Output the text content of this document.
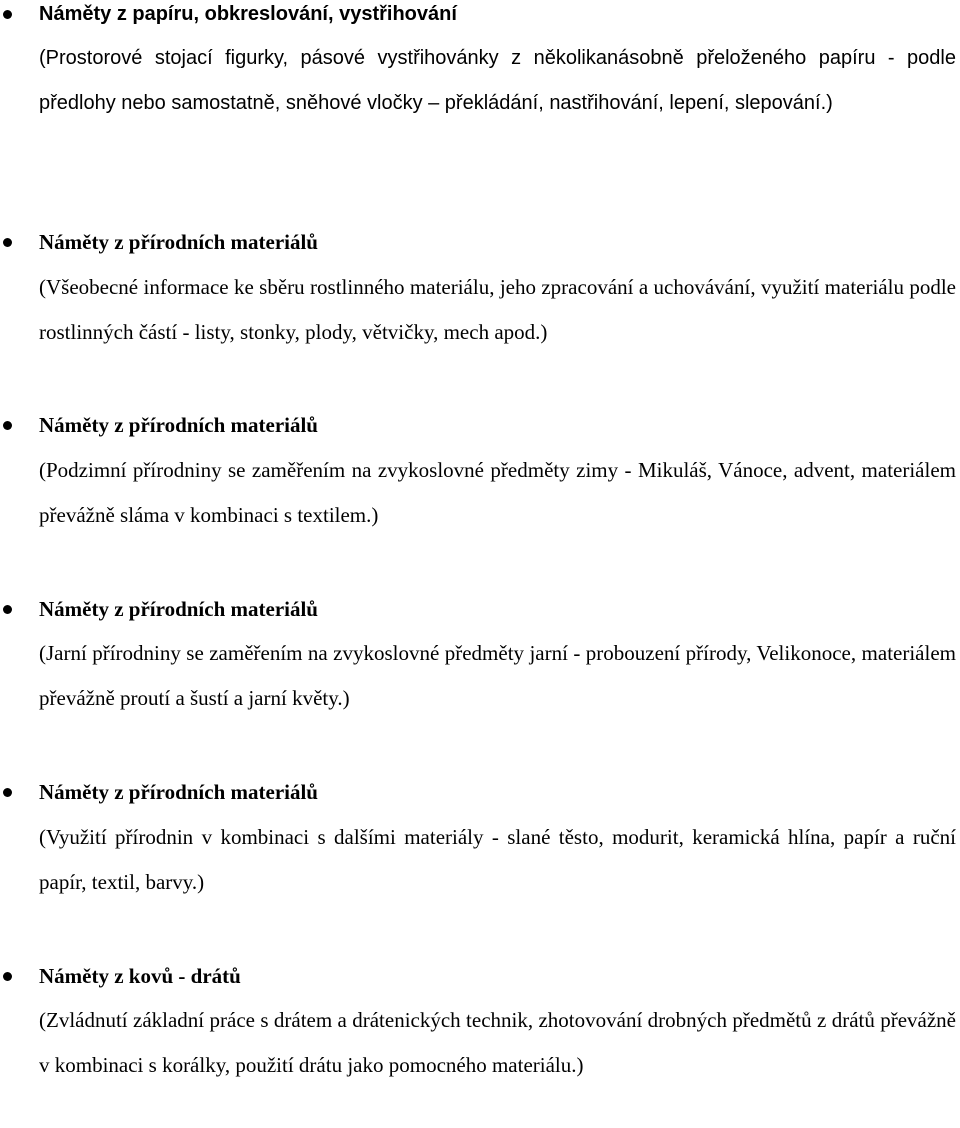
Náměty z papíru, obkreslování, vystřihování
(Prostorové stojací figurky, pásové vystřihovánky z několikanásobně přeloženého papíru - podle předlohy nebo samostatně, sněhové vločky – překládání, nastřihování, lepení, slepování.)
Náměty z přírodních materiálů
(Všeobecné informace ke sběru rostlinného materiálu, jeho zpracování a uchovávání, využití materiálu podle rostlinných částí - listy, stonky, plody, větvičky, mech apod.)
Náměty z přírodních materiálů
(Podzimní přírodniny se zaměřením na zvykoslovné předměty zimy - Mikuláš, Vánoce, advent, materiálem převážně sláma v kombinaci s textilem.)
Náměty z přírodních materiálů
(Jarní přírodniny se zaměřením na zvykoslovné předměty jarní - probouzení přírody, Velikonoce, materiálem převážně proutí a šustí a jarní květy.)
Náměty z přírodních materiálů
(Využití přírodnin v kombinaci s dalšími materiály - slané těsto, modurit, keramická hlína, papír a ruční papír, textil, barvy.)
Náměty z kovů - drátů
(Zvládnutí základní práce s drátem a drátenických technik, zhotovování drobných předmětů z drátů převážně v kombinaci s korálky, použití drátu jako pomocného materiálu.)
